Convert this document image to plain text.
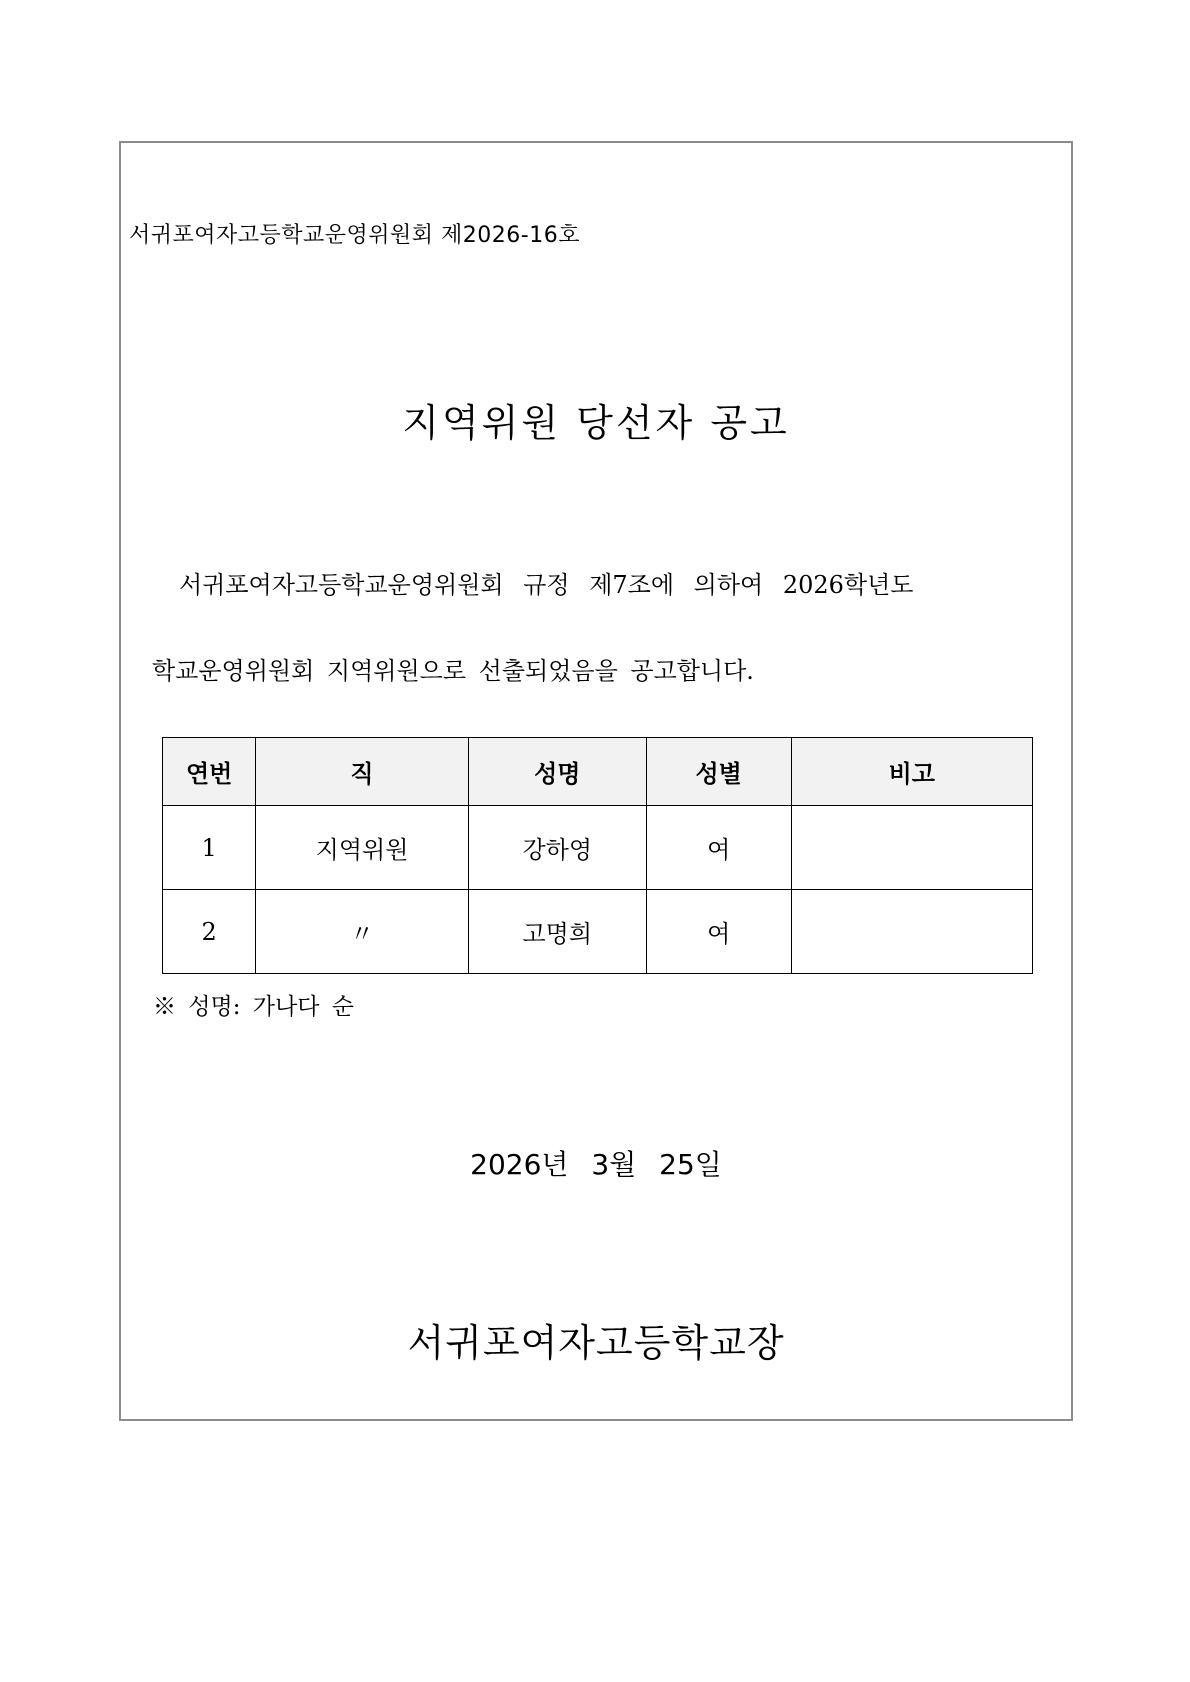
서귀포여자고등학교운영위원회 제2026-16호
지역위원 당선자 공고
서귀포여자고등학교운영위원회 규정 제7조에 의하여 2026학년도
학교운영위원회 지역위원으로 선출되었음을 공고합니다.
연번	직	성명	성별	비고
1	지역위원	강하영	여	
2	〃	고명희	여	
※ 성명: 가나다 순
2026년 3월 25일
서귀포여자고등학교장
